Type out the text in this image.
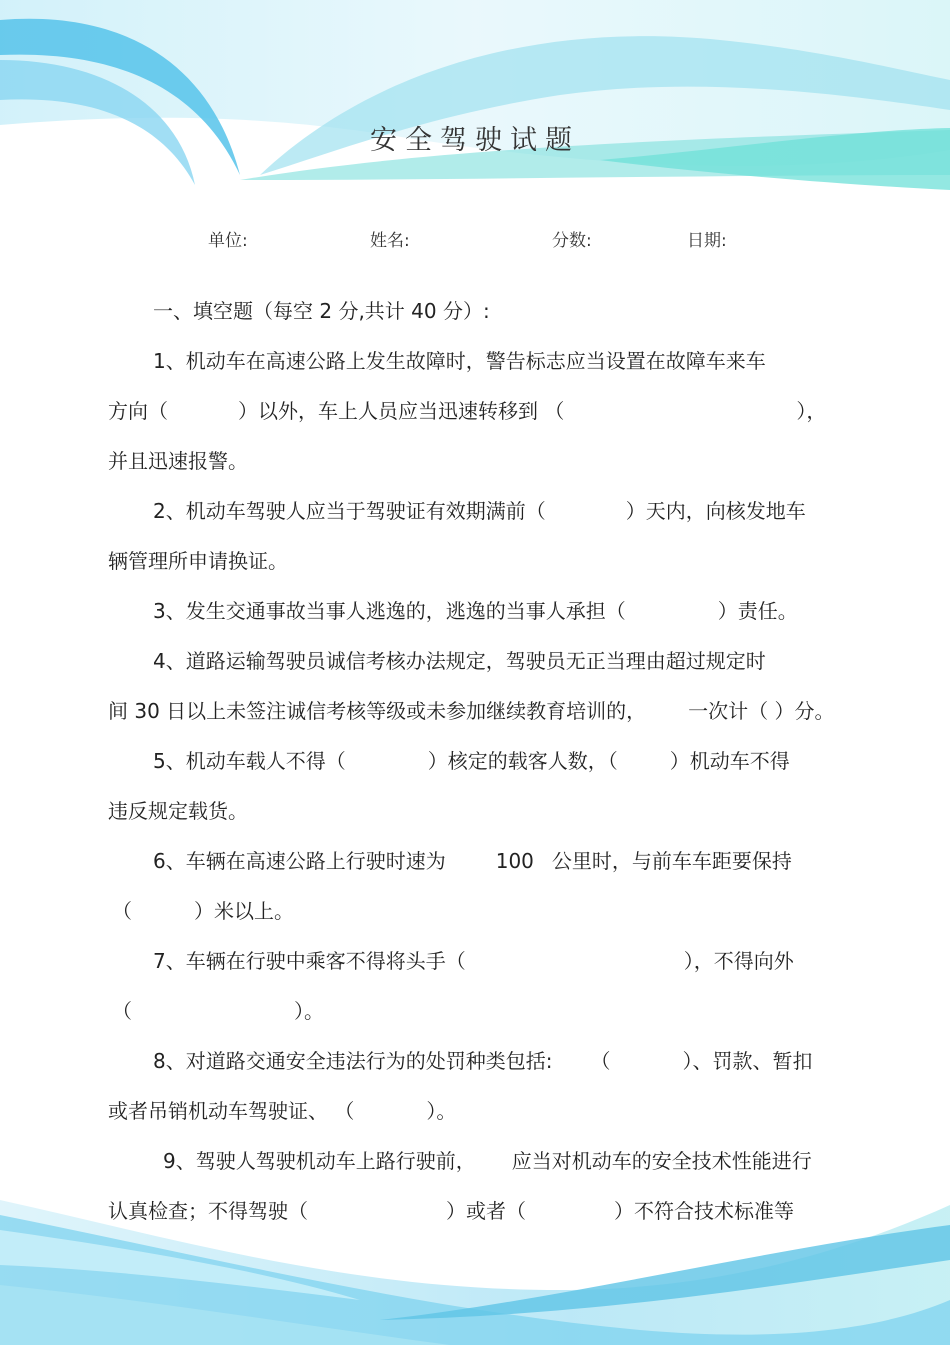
安全驾驶试题
单位:	姓名:	分数:	日期:
一、填空题（每空 2 分,共计 40 分）:
1、机动车在高速公路上发生故障时，警告标志应当设置在故障车来车
方向（	）以外，车上人员应当迅速转移到 （	），
并且迅速报警。
2、机动车驾驶人应当于驾驶证有效期满前（	）天内，向核发地车
辆管理所申请换证。
3、发生交通事故当事人逃逸的，逃逸的当事人承担（	）责任。
4、道路运输驾驶员诚信考核办法规定，驾驶员无正当理由超过规定时
间 30 日以上未签注诚信考核等级或未参加继续教育培训的， 一次计（ ）分。
5、机动车载人不得（	）核定的载客人数，（	）机动车不得
违反规定载货。
6、车辆在高速公路上行驶时速为	100 公里时，与前车车距要保持
（	）米以上。
7、车辆在行驶中乘客不得将头手（	），不得向外
（	）。
8、对道路交通安全违法行为的处罚种类包括: （	）、罚款、暂扣
或者吊销机动车驾驶证、 （	）。
9、驾驶人驾驶机动车上路行驶前， 应当对机动车的安全技术性能进行
认真检查；不得驾驶（	）或者（	）不符合技术标准等
